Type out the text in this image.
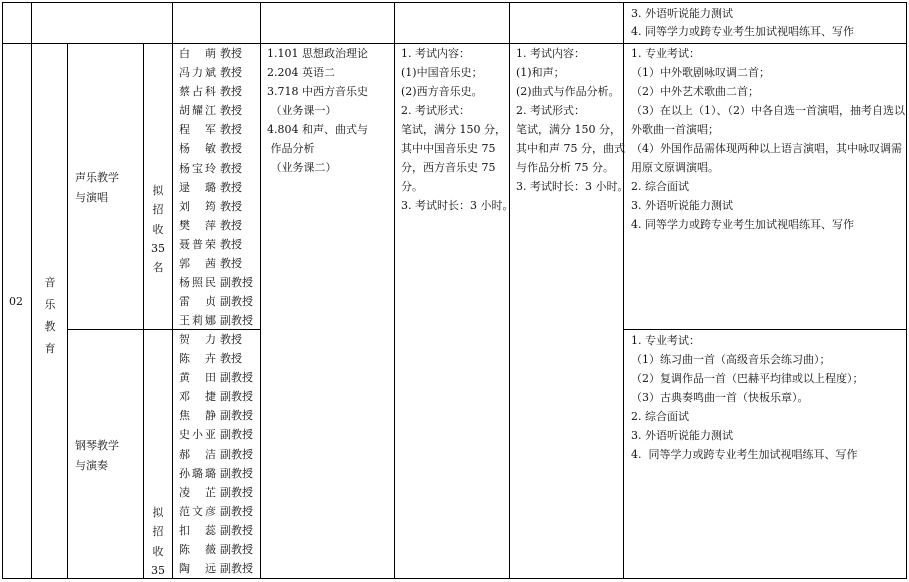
3. 外语听说能力测试
4. 同等学力或跨专业考生加试视唱练耳、写作
02
音
乐
教
育
声乐教学
与演唱
拟
招
收
35
名
白萌 教授
冯力斌 教授
蔡占科 教授
胡耀江 教授
程军 教授
杨敏 教授
杨宝玲 教授
逯璐 教授
刘筠 教授
樊萍 教授
聂普荣 教授
郭茜 教授
杨照民 副教授
雷贞 副教授
王莉娜 副教授
1.101 思想政治理论
2.204 英语二
3.718 中西方音乐史
（业务课一）
4.804 和声、曲式与
作品分析
（业务课二）
1. 考试内容：
(1)中国音乐史；
(2)西方音乐史。
2. 考试形式：
笔试，满分 150 分，
其中中国音乐史 75
分，西方音乐史 75
分。
3. 考试时长：3 小时。
1. 考试内容：
(1)和声；
(2)曲式与作品分析。
2. 考试形式：
笔试，满分 150 分，
其中和声 75 分，曲式
与作品分析 75 分。
3. 考试时长：3 小时。
1. 专业考试：
（1）中外歌剧咏叹调二首；
（2）中外艺术歌曲二首；
（3）在以上（1）、（2）中各自选一首演唱，抽考自选以
外歌曲一首演唱；
（4）外国作品需体现两种以上语言演唱，其中咏叹调需
用原文原调演唱。
2. 综合面试
3. 外语听说能力测试
4. 同等学力或跨专业考生加试视唱练耳、写作
钢琴教学
与演奏
拟
招
收
35
贺力 教授
陈卉 教授
黄田 副教授
邓捷 副教授
焦静 副教授
史小亚 副教授
郝洁 副教授
孙璐璐 副教授
凌芷 副教授
范文彦 副教授
扣蕊 副教授
陈薇 副教授
陶远 副教授
1. 专业考试：
（1）练习曲一首（高级音乐会练习曲）；
（2）复调作品一首（巴赫平均律或以上程度）；
（3）古典奏鸣曲一首（快板乐章）。
2. 综合面试
3. 外语听说能力测试
4.  同等学力或跨专业考生加试视唱练耳、写作
